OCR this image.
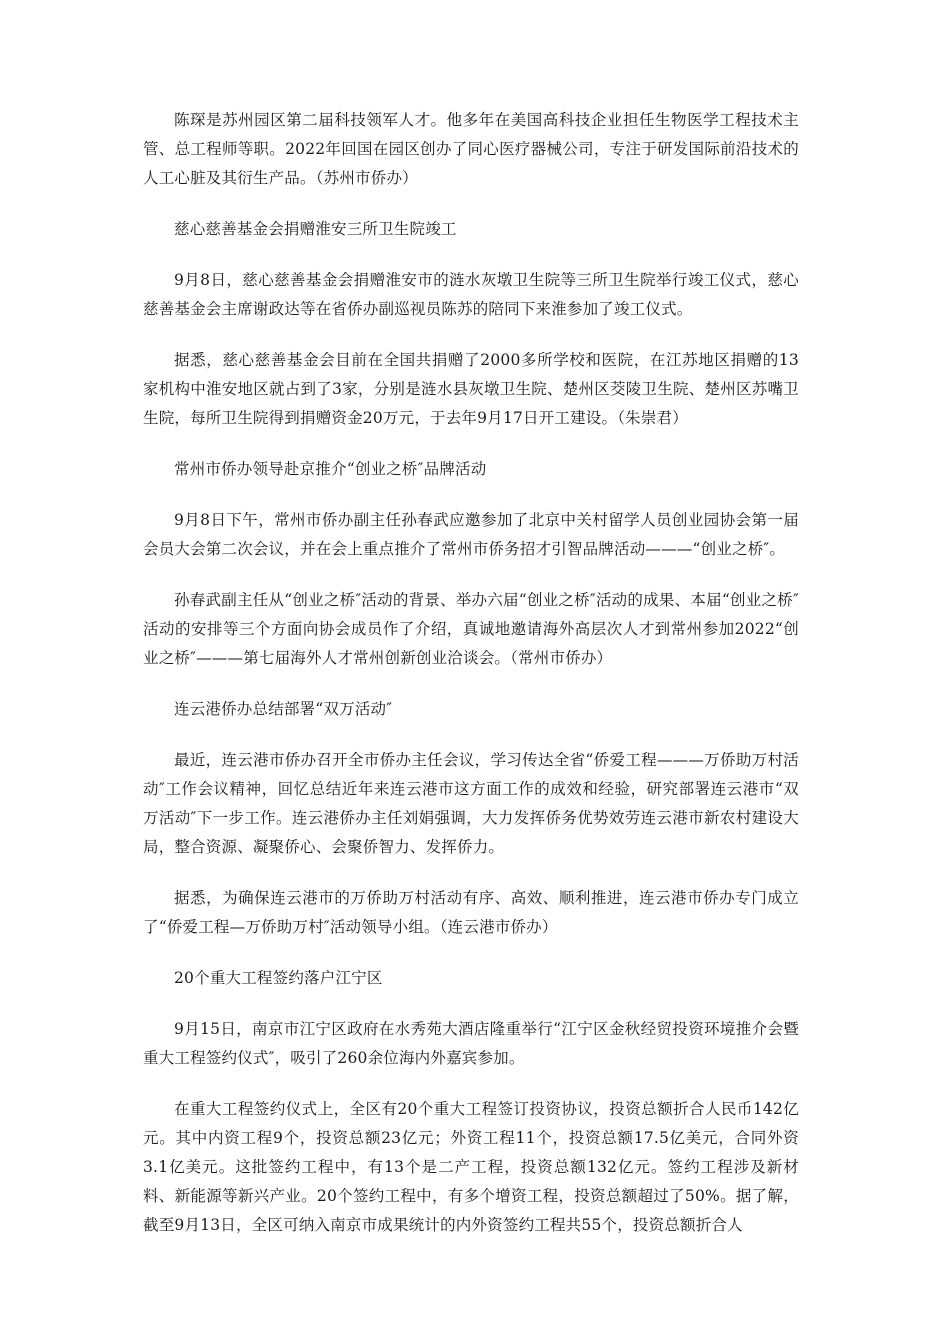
陈琛是苏州园区第二届科技领军人才。他多年在美国高科技企业担任生物医学工程技术主管、总工程师等职。2022年回国在园区创办了同心医疗器械公司，专注于研发国际前沿技术的人工心脏及其衍生产品。（苏州市侨办）

慈心慈善基金会捐赠淮安三所卫生院竣工

9月8日，慈心慈善基金会捐赠淮安市的涟水灰墩卫生院等三所卫生院举行竣工仪式，慈心慈善基金会主席谢政达等在省侨办副巡视员陈苏的陪同下来淮参加了竣工仪式。

据悉，慈心慈善基金会目前在全国共捐赠了2000多所学校和医院，在江苏地区捐赠的13家机构中淮安地区就占到了3家，分别是涟水县灰墩卫生院、楚州区茭陵卫生院、楚州区苏嘴卫生院，每所卫生院得到捐赠资金20万元，于去年9月17日开工建设。（朱崇君）

常州市侨办领导赴京推介“创业之桥″品牌活动

9月8日下午，常州市侨办副主任孙春武应邀参加了北京中关村留学人员创业园协会第一届会员大会第二次会议，并在会上重点推介了常州市侨务招才引智品牌活动———“创业之桥″。

孙春武副主任从“创业之桥″活动的背景、举办六届“创业之桥″活动的成果、本届“创业之桥″活动的安排等三个方面向协会成员作了介绍，真诚地邀请海外高层次人才到常州参加2022“创业之桥″———第七届海外人才常州创新创业洽谈会。（常州市侨办）

连云港侨办总结部署“双万活动″

最近，连云港市侨办召开全市侨办主任会议，学习传达全省“侨爱工程———万侨助万村活动″工作会议精神，回忆总结近年来连云港市这方面工作的成效和经验，研究部署连云港市“双万活动″下一步工作。连云港侨办主任刘娟强调，大力发挥侨务优势效劳连云港市新农村建设大局，整合资源、凝聚侨心、会聚侨智力、发挥侨力。

据悉，为确保连云港市的万侨助万村活动有序、高效、顺利推进，连云港市侨办专门成立了“侨爱工程—万侨助万村″活动领导小组。（连云港市侨办）

20个重大工程签约落户江宁区

9月15日，南京市江宁区政府在水秀苑大酒店隆重举行“江宁区金秋经贸投资环境推介会暨重大工程签约仪式″，吸引了260余位海内外嘉宾参加。

在重大工程签约仪式上，全区有20个重大工程签订投资协议，投资总额折合人民币142亿元。其中内资工程9个，投资总额23亿元；外资工程11个，投资总额17.5亿美元，合同外资3.1亿美元。这批签约工程中，有13个是二产工程，投资总额132亿元。签约工程涉及新材料、新能源等新兴产业。20个签约工程中，有多个增资工程，投资总额超过了50%。据了解，截至9月13日，全区可纳入南京市成果统计的内外资签约工程共55个，投资总额折合人
